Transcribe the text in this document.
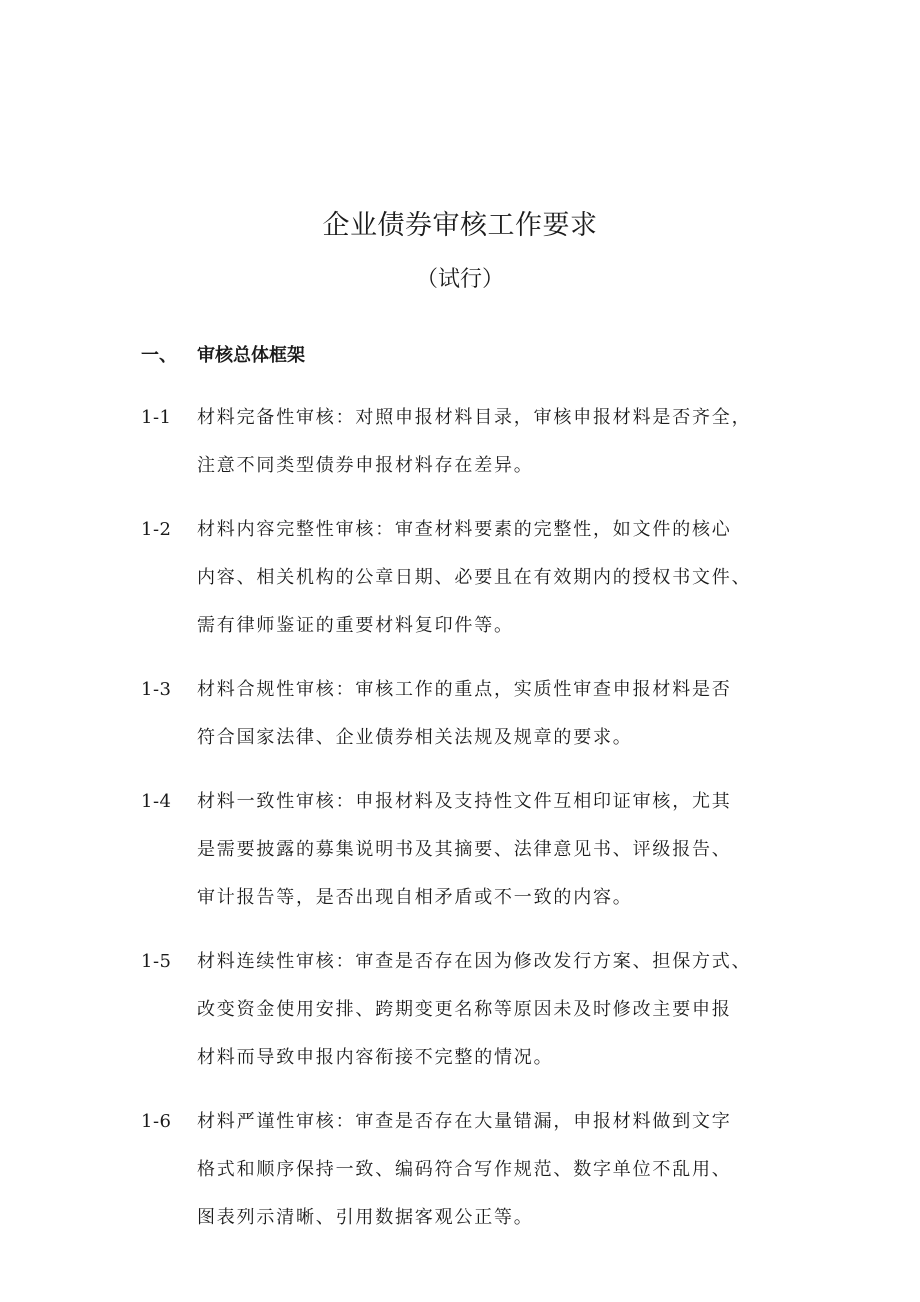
企业债券审核工作要求
（试行）
一、 审核总体框架
1-1	材料完备性审核：对照申报材料目录，审核申报材料是否齐全，
注意不同类型债券申报材料存在差异。
1-2	材料内容完整性审核：审查材料要素的完整性，如文件的核心
内容、相关机构的公章日期、必要且在有效期内的授权书文件、
需有律师鉴证的重要材料复印件等。
1-3	材料合规性审核：审核工作的重点，实质性审查申报材料是否
符合国家法律、企业债券相关法规及规章的要求。
1-4	材料一致性审核：申报材料及支持性文件互相印证审核，尤其
是需要披露的募集说明书及其摘要、法律意见书、评级报告、
审计报告等，是否出现自相矛盾或不一致的内容。
1-5	材料连续性审核：审查是否存在因为修改发行方案、担保方式、
改变资金使用安排、跨期变更名称等原因未及时修改主要申报
材料而导致申报内容衔接不完整的情况。
1-6	材料严谨性审核：审查是否存在大量错漏，申报材料做到文字
格式和顺序保持一致、编码符合写作规范、数字单位不乱用、
图表列示清晰、引用数据客观公正等。
